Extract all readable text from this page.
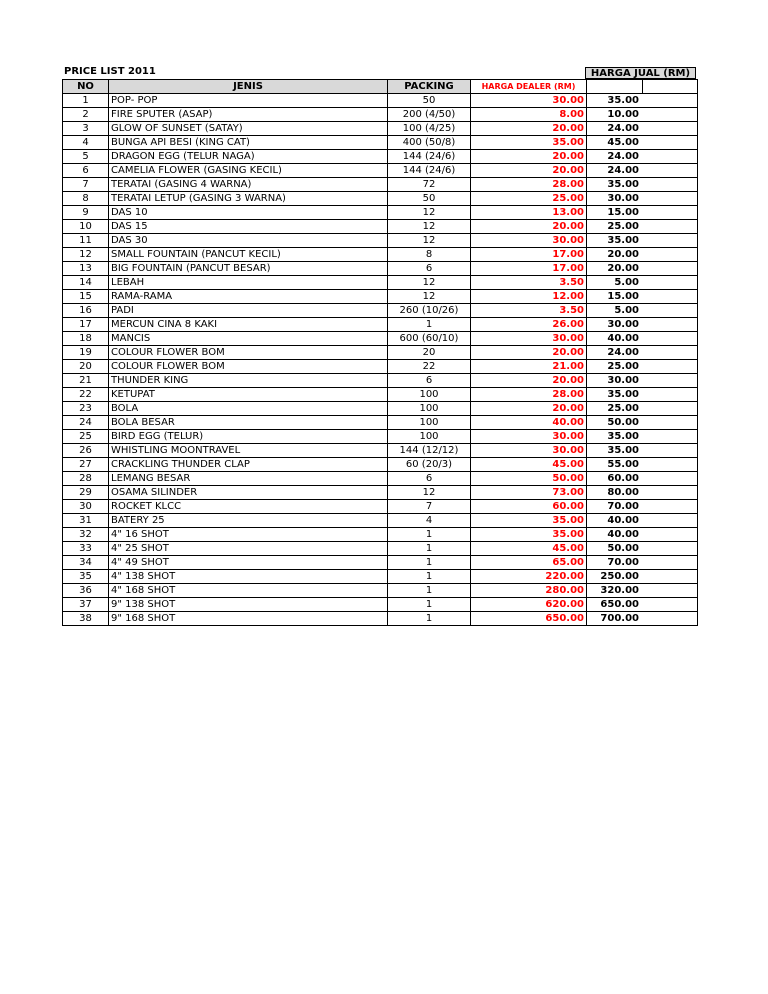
PRICE LIST 2011	HARGA JUAL (RM)
NO	JENIS	PACKING	HARGA DEALER (RM)		
1	POP- POP	50	30.00	35.00	
2	FIRE SPUTER (ASAP)	200 (4/50)	8.00	10.00	
3	GLOW OF SUNSET (SATAY)	100 (4/25)	20.00	24.00	
4	BUNGA API BESI (KING CAT)	400 (50/8)	35.00	45.00	
5	DRAGON EGG (TELUR NAGA)	144 (24/6)	20.00	24.00	
6	CAMELIA FLOWER (GASING KECIL)	144 (24/6)	20.00	24.00	
7	TERATAI (GASING 4 WARNA)	72	28.00	35.00	
8	TERATAI LETUP (GASING 3 WARNA)	50	25.00	30.00	
9	DAS 10	12	13.00	15.00	
10	DAS 15	12	20.00	25.00	
11	DAS 30	12	30.00	35.00	
12	SMALL FOUNTAIN (PANCUT KECIL)	8	17.00	20.00	
13	BIG FOUNTAIN (PANCUT BESAR)	6	17.00	20.00	
14	LEBAH	12	3.50	5.00	
15	RAMA-RAMA	12	12.00	15.00	
16	PADI	260 (10/26)	3.50	5.00	
17	MERCUN CINA 8 KAKI	1	26.00	30.00	
18	MANCIS	600 (60/10)	30.00	40.00	
19	COLOUR FLOWER BOM	20	20.00	24.00	
20	COLOUR FLOWER BOM	22	21.00	25.00	
21	THUNDER KING	6	20.00	30.00	
22	KETUPAT	100	28.00	35.00	
23	BOLA	100	20.00	25.00	
24	BOLA BESAR	100	40.00	50.00	
25	BIRD EGG (TELUR)	100	30.00	35.00	
26	WHISTLING MOONTRAVEL	144 (12/12)	30.00	35.00	
27	CRACKLING THUNDER CLAP	60 (20/3)	45.00	55.00	
28	LEMANG BESAR	6	50.00	60.00	
29	OSAMA SILINDER	12	73.00	80.00	
30	ROCKET KLCC	7	60.00	70.00	
31	BATERY 25	4	35.00	40.00	
32	4" 16 SHOT	1	35.00	40.00	
33	4" 25 SHOT	1	45.00	50.00	
34	4" 49 SHOT	1	65.00	70.00	
35	4" 138 SHOT	1	220.00	250.00	
36	4" 168 SHOT	1	280.00	320.00	
37	9" 138 SHOT	1	620.00	650.00	
38	9" 168 SHOT	1	650.00	700.00	
